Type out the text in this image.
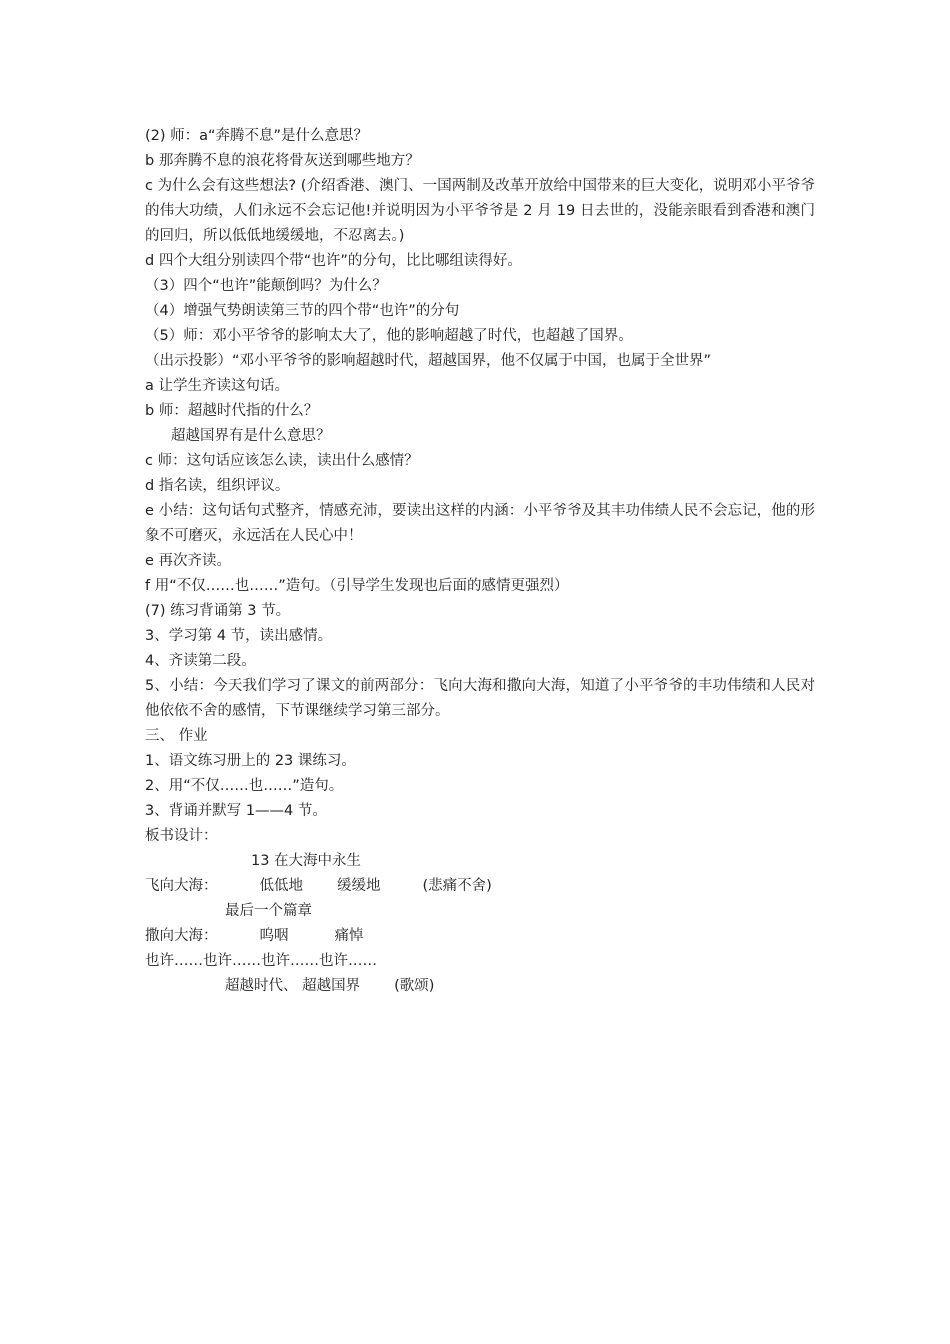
(2) 师：a“奔腾不息”是什么意思？
b 那奔腾不息的浪花将骨灰送到哪些地方？
c 为什么会有这些想法? (介绍香港、澳门、一国两制及改革开放给中国带来的巨大变化，说明邓小平爷爷的伟大功绩，人们永远不会忘记他!并说明因为小平爷爷是 2 月 19 日去世的，没能亲眼看到香港和澳门的回归，所以低低地缓缓地，不忍离去。)
d 四个大组分别读四个带“也许”的分句，比比哪组读得好。
（3）四个“也许”能颠倒吗？为什么？
（4）增强气势朗读第三节的四个带“也许”的分句
（5）师：邓小平爷爷的影响太大了，他的影响超越了时代，也超越了国界。
（出示投影）“邓小平爷爷的影响超越时代，超越国界，他不仅属于中国，也属于全世界”
a 让学生齐读这句话。
b 师：超越时代指的什么？
超越国界有是什么意思？
c 师：这句话应该怎么读，读出什么感情？
d 指名读，组织评议。
e 小结：这句话句式整齐，情感充沛，要读出这样的内涵：小平爷爷及其丰功伟绩人民不会忘记，他的形象不可磨灭，永远活在人民心中！
e 再次齐读。
f 用“不仅……也……”造句。（引导学生发现也后面的感情更强烈）
(7) 练习背诵第 3 节。
3、学习第 4 节，读出感情。
4、齐读第二段。
5、小结：今天我们学习了课文的前两部分：飞向大海和撒向大海，知道了小平爷爷的丰功伟绩和人民对他依依不舍的感情，下节课继续学习第三部分。
三、 作业
1、语文练习册上的 23 课练习。
2、用“不仅……也……”造句。
3、背诵并默写 1——4 节。
板书设计：
13 在大海中永生
飞向大海：	低低地 缓缓地	(悲痛不舍)
最后一个篇章
撒向大海：	呜咽	痛悼
也许……也许……也许……也许……
超越时代、 超越国界 (歌颂)
